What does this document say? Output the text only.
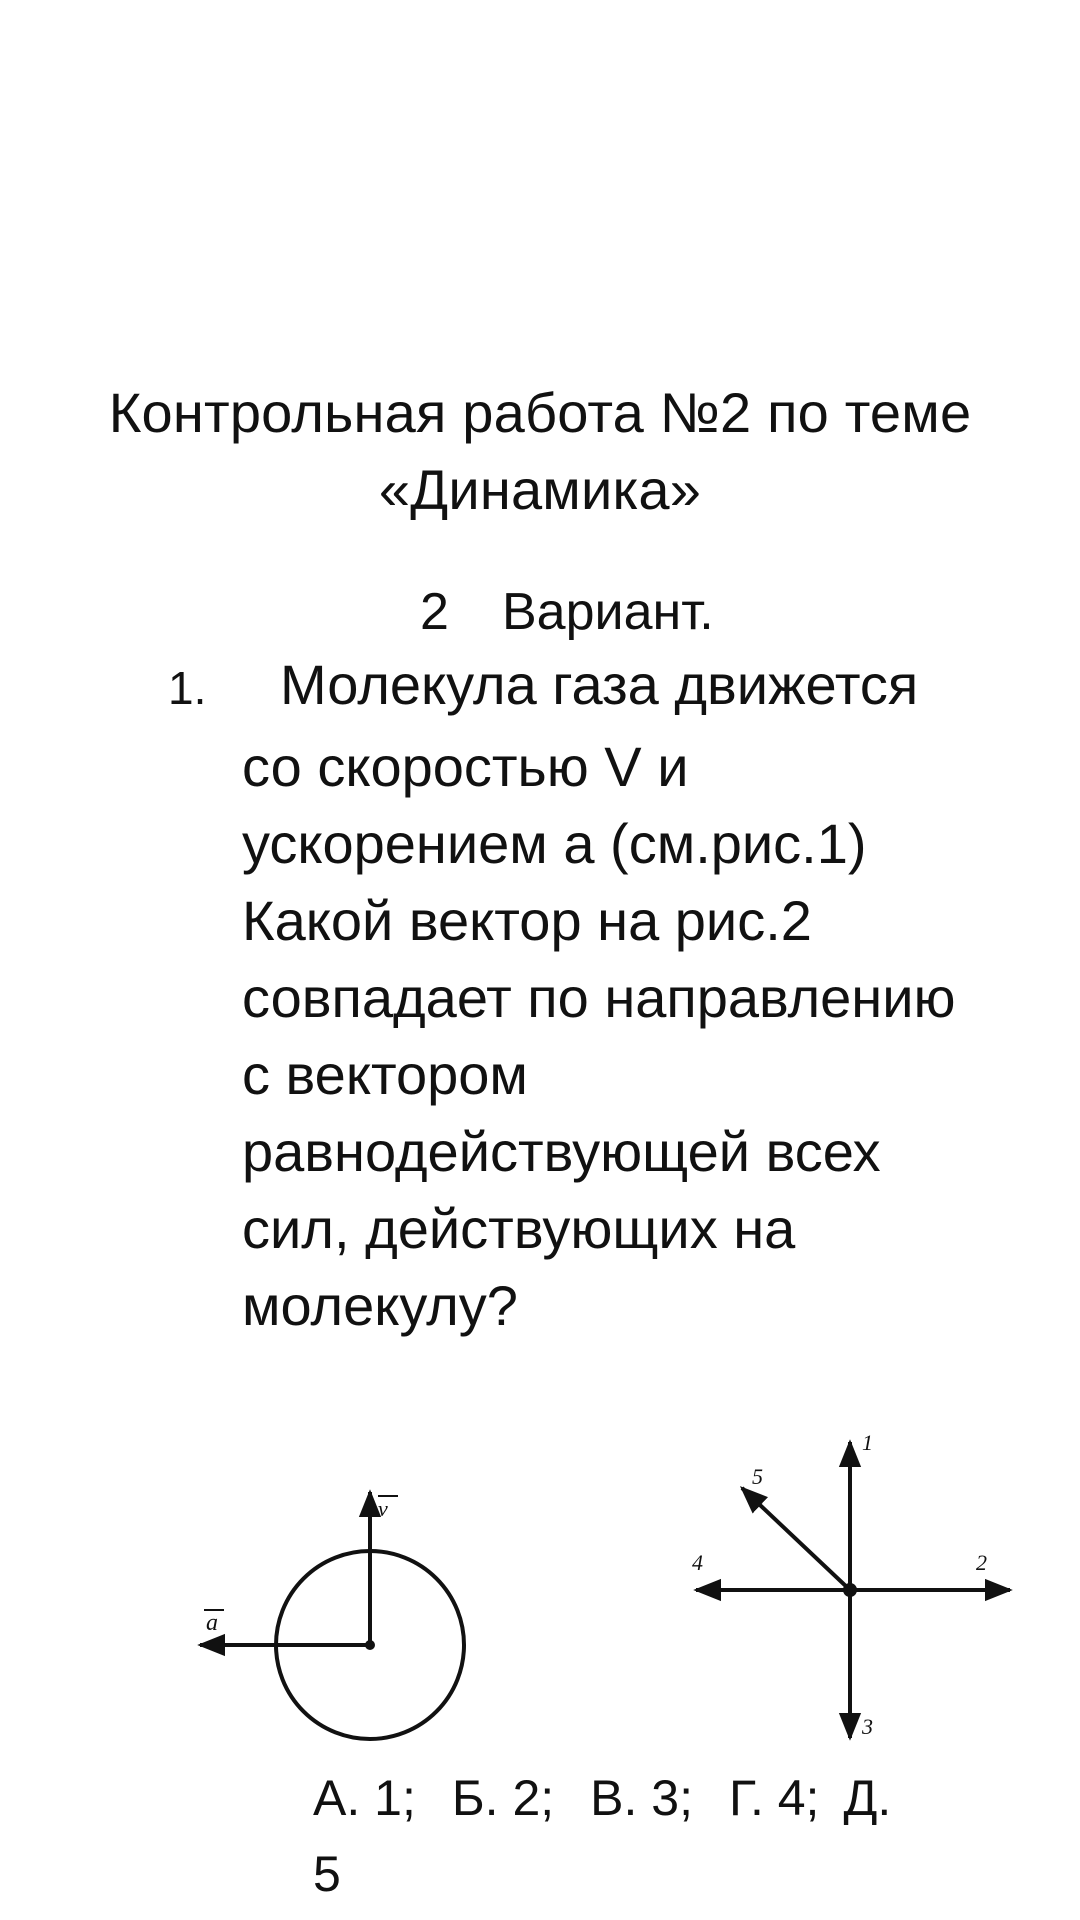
Контрольная работа №2 по теме
«Динамика»
2 Вариант.
1. Молекула газа движется
со скоростью V и
ускорением а (см.рис.1)
Какой вектор на рис.2
совпадает по направлению
с вектором
равнодействующей всех
сил, действующих на
молекулу?
v
a
1
2
3
4
5
А. 1; Б. 2; В. 3; Г. 4; Д.
5
